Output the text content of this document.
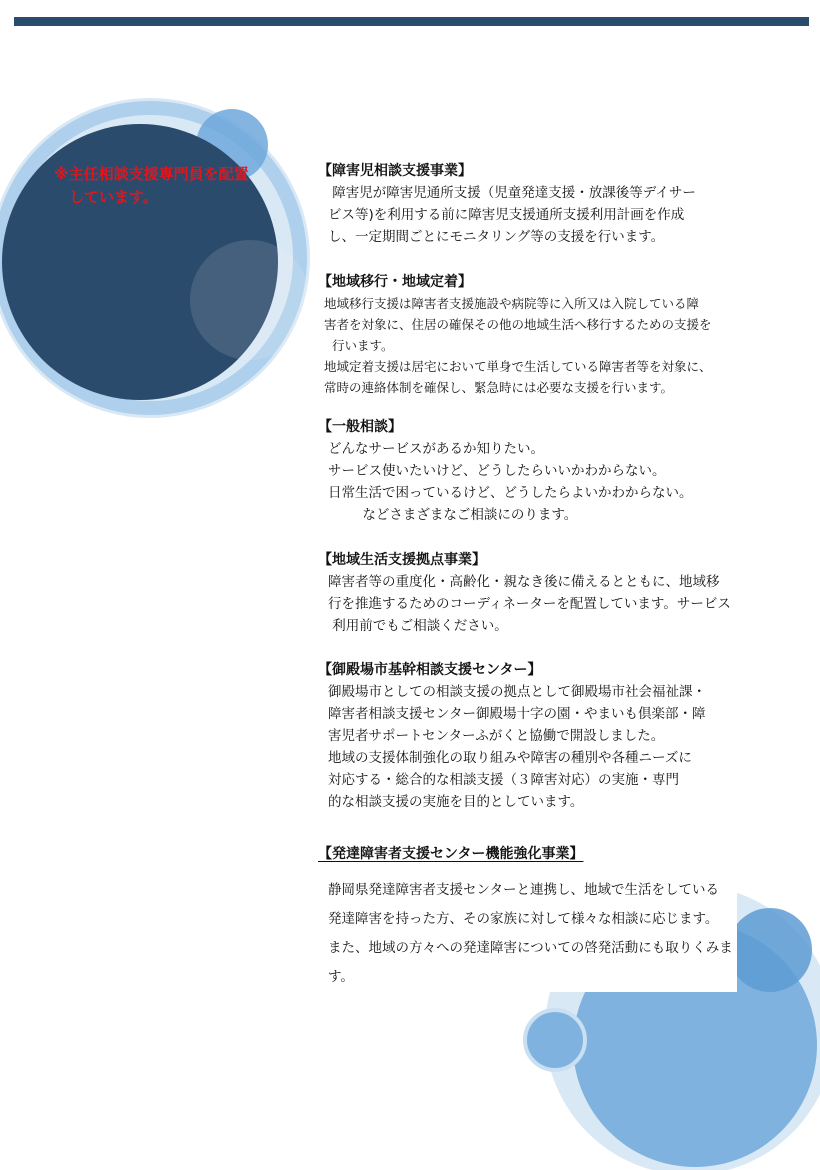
※主任相談支援専門員を配置
　しています。

【障害児相談支援事業】

障害児が障害児通所支援（児童発達支援・放課後等デイサー
ビス等)を利用する前に障害児支援通所支援利用計画を作成
し、一定期間ごとにモニタリング等の支援を行います。

【地域移行・地域定着】

地域移行支援は障害者支援施設や病院等に入所又は入院している障
害者を対象に、住居の確保その他の地域生活へ移行するための支援を
行います。
地域定着支援は居宅において単身で生活している障害者等を対象に、
常時の連絡体制を確保し、緊急時には必要な支援を行います。

【一般相談】

どんなサービスがあるか知りたい。
サービス使いたいけど、どうしたらいいかわからない。
日常生活で困っているけど、どうしたらよいかわからない。
などさまざまなご相談にのります。

【地域生活支援拠点事業】

障害者等の重度化・高齢化・親なき後に備えるとともに、地域移
行を推進するためのコーディネーターを配置しています。サービス
利用前でもご相談ください。

【御殿場市基幹相談支援センター】

御殿場市としての相談支援の拠点として御殿場市社会福祉課・
障害者相談支援センター御殿場十字の園・やまいも倶楽部・障
害児者サポートセンターふがくと協働で開設しました。
地域の支援体制強化の取り組みや障害の種別や各種ニーズに
対応する・総合的な相談支援（３障害対応）の実施・専門
的な相談支援の実施を目的としています。

【発達障害者支援センター機能強化事業】

静岡県発達障害者支援センターと連携し、地域で生活をしている
発達障害を持った方、その家族に対して様々な相談に応じます。
また、地域の方々への発達障害についての啓発活動にも取りくみま
す。
